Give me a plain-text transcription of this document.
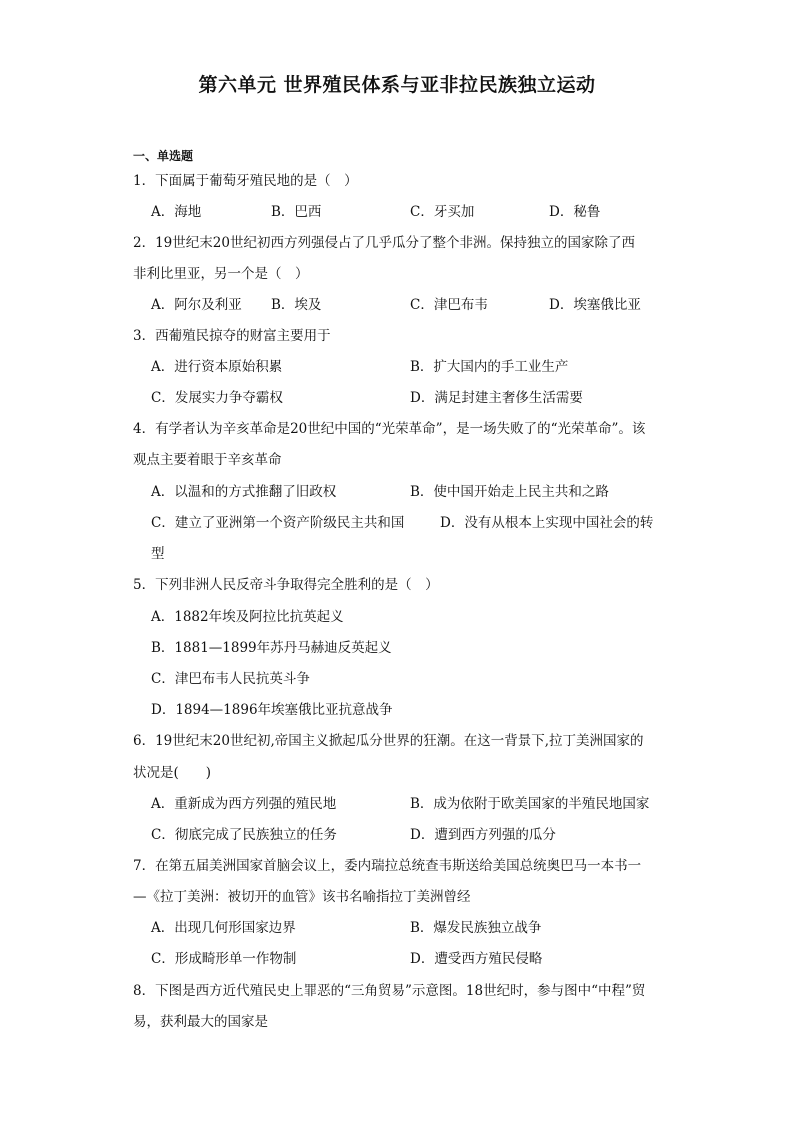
第六单元 世界殖民体系与亚非拉民族独立运动
一、单选题
1．下面属于葡萄牙殖民地的是（　）
A．海地	B．巴西	C．牙买加	D．秘鲁
2．19世纪末20世纪初西方列强侵占了几乎瓜分了整个非洲。保持独立的国家除了西
非利比里亚，另一个是（　）
A．阿尔及利亚 B．埃及	C．津巴布韦	D．埃塞俄比亚
3．西葡殖民掠夺的财富主要用于
A．进行资本原始积累	B．扩大国内的手工业生产
C．发展实力争夺霸权	D．满足封建主奢侈生活需要
4．有学者认为辛亥革命是20世纪中国的“光荣革命”，是一场失败了的“光荣革命”。该
观点主要着眼于辛亥革命
A．以温和的方式推翻了旧政权	B．使中国开始走上民主共和之路
C．建立了亚洲第一个资产阶级民主共和国	D．没有从根本上实现中国社会的转
型
5．下列非洲人民反帝斗争取得完全胜利的是（　）
A．1882年埃及阿拉比抗英起义
B．1881—1899年苏丹马赫迪反英起义
C．津巴布韦人民抗英斗争
D．1894—1896年埃塞俄比亚抗意战争
6．19世纪末20世纪初,帝国主义掀起瓜分世界的狂潮。在这一背景下,拉丁美洲国家的
状况是(　　)
A．重新成为西方列强的殖民地	B．成为依附于欧美国家的半殖民地国家
C．彻底完成了民族独立的任务	D．遭到西方列强的瓜分
7．在第五届美洲国家首脑会议上，委内瑞拉总统查韦斯送给美国总统奥巴马一本书一
—《拉丁美洲：被切开的血管》该书名喻指拉丁美洲曾经
A．出现几何形国家边界	B．爆发民族独立战争
C．形成畸形单一作物制	D．遭受西方殖民侵略
8．下图是西方近代殖民史上罪恶的“三角贸易”示意图。18世纪时，参与图中“中程”贸
易，获利最大的国家是
